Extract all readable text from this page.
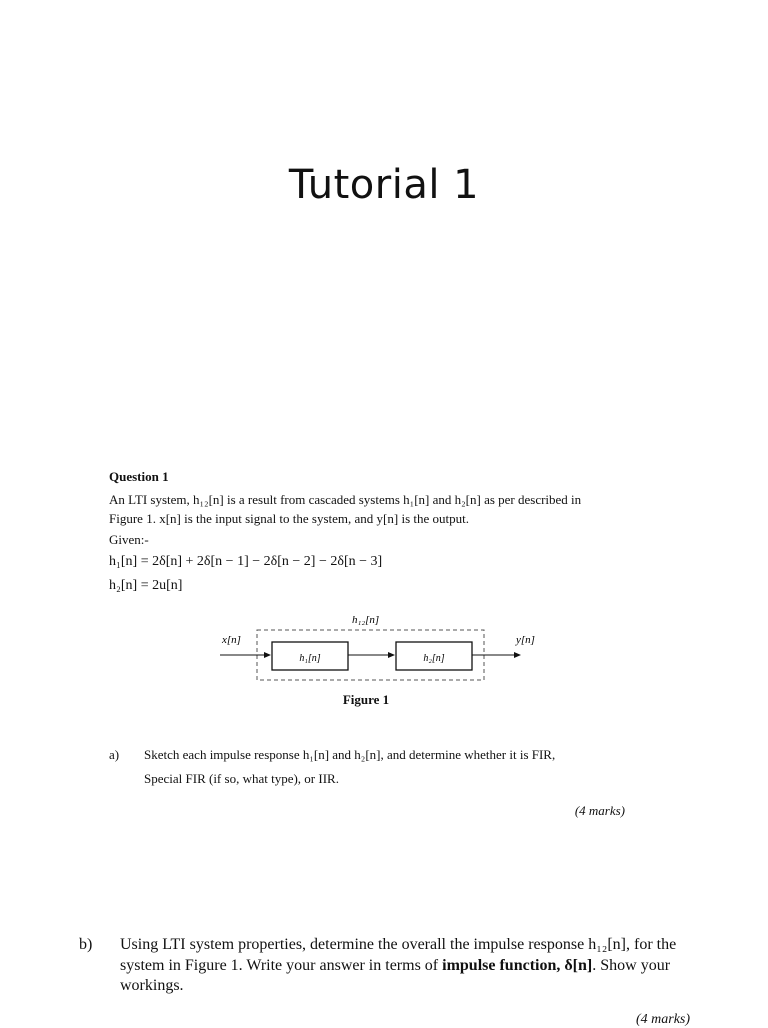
Tutorial 1
Question 1
An LTI system, h₁₂[n] is a result from cascaded systems h₁[n] and h₂[n] as per described in
Figure 1. x[n] is the input signal to the system, and y[n] is the output.
Given:-
h₁[n] = 2δ[n] + 2δ[n − 1] − 2δ[n − 2] − 2δ[n − 3]
h₂[n] = 2u[n]
x[n]	y[n]
h₁₂[n]
h₁[n]	h₂[n]
Figure 1
a) Sketch each impulse response h₁[n] and h₂[n], and determine whether it is FIR,
Special FIR (if so, what type), or IIR.
(4 marks)
b) Using LTI system properties, determine the overall the impulse response h₁₂[n], for the
system in Figure 1. Write your answer in terms of impulse function, δ[n]. Show your
workings.
(4 marks)
